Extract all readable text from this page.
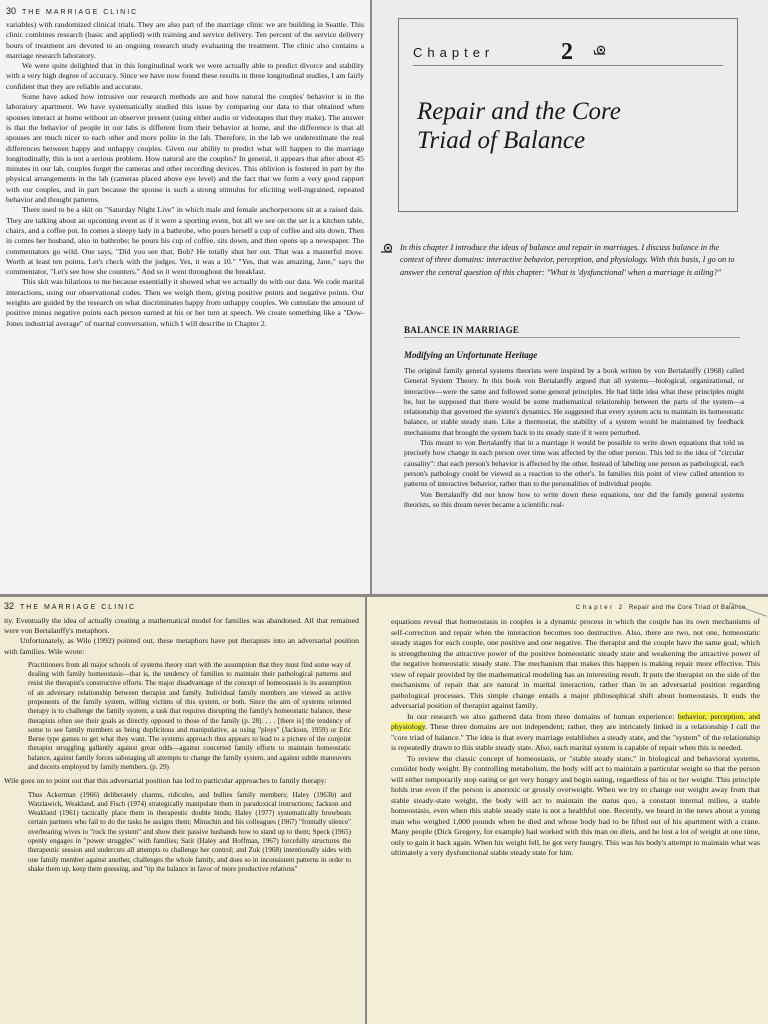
30 THE MARRIAGE CLINIC

variables) with randomized clinical trials. They are also part of the marriage clinic we are building in Seattle. This clinic combines research (basic and applied) with training and service delivery. Ten percent of the service delivery hours of treatment are devoted to an ongoing research study evaluating the treatment. The clinic also contains a marriage research laboratory.

We were quite delighted that in this longitudinal work we were actually able to predict divorce and stability with a very high degree of accuracy. Since we have now found these results in three longitudinal studies, I am fairly confident that they are reliable and accurate.

Some have asked how intrusive our research methods are and how natural the couples' behavior is in the laboratory apartment. We have systematically studied this issue by comparing our data to that obtained when spouses interact at home without an observer present (using either audio or videotapes that they make). The answer is that the behavior of people in our labs is different from their behavior at home, and the difference is that all spouses are much nicer to each other and more polite in the lab. Therefore, in the lab we underestimate the real differences between happy and unhappy couples. Given our ability to predict what will happen to the marriage longitudinally, this is not a serious problem. How natural are the couples? In general, it appears that after about 45 minutes in our lab, couples forget the cameras and other recording devices. This oblivion is fostered in part by the physical arrangements in the lab (cameras placed above eye level) and the fact that we form a very good rapport with our couples, and in part because the spouse is such a strong stimulus for eliciting well-ingrained, repeated behavior and thought patterns.

There used to be a skit on "Saturday Night Live" in which male and female anchorpersons sit at a raised dais. They are talking about an upcoming event as if it were a sporting event, but all we see on the set is a kitchen table, chairs, and a coffee pot. In comes a sleepy lady in a bathrobe, who pours herself a cup of coffee and sits down. Then in comes her husband, also in bathrobe; he pours his cup of coffee, sits down, and then opens up a newspaper. The commentators go wild. One says, "Did you see that, Bob? He totally shut her out. That was a masterful move. Worth at least ten points. Let's check with the judges. Yes, it was a 10." "Yes, that was amazing, Jane," says the commentator, "Let's see how she counters." And so it went throughout the breakfast.

This skit was hilarious to me because essentially it showed what we actually do with our data. We code marital interactions, using our observational codes. Then we weigh them, giving positive points and negative points. Our weights are guided by the research on what discriminates happy from unhappy couples. We cumulate the amount of positive minus negative points each person earned at his or her turn at speech. We create something like a "Dow-Jones industrial average" of marital conversation, which I will describe in Chapter 2.

Chapter	2
Repair and the Core
Triad of Balance
In this chapter I introduce the ideas of balance and repair in marriages. I discuss balance in the context of three domains: interactive behavior, perception, and physiology. With this basis, I go on to answer the central question of this chapter: "What is 'dysfunctional' when a marriage is ailing?"
BALANCE IN MARRIAGE
Modifying an Unfortunate Heritage

The original family general systems theorists were inspired by a book written by von Bertalanffy (1968) called General System Theory. In this book von Bertalanffy argued that all systems—biological, organizational, or interactive—were the same and followed some general principles. He had little idea what these principles might be, but he supposed that there would be some mathematical relationship between the parts of the system—a relationship that governed the system's dynamics. He suggested that every system acts to maintain its homeostatic balance, or stable steady state. Like a thermostat, the stability of a system would be maintained by feedback mechanisms that brought the system back to its steady state if it were perturbed.

This meant to von Bertalanffy that in a marriage it would be possible to write down equations that told us precisely how change in each person over time was affected by the other person. This led to the idea of "circular causality": that each person's behavior is affected by the other. Instead of labeling one person as pathological, each person's pathology could be viewed as a reaction to the other's. In families this point of view called attention to patterns of interactive behavior, rather than to the personalities of individual people.

Von Bertalanffy did not know how to write down these equations, nor did the family general systems theorists, so this dream never became a scientific real-

32 THE MARRIAGE CLINIC

ity. Eventually the idea of actually creating a mathematical model for families was abandoned. All that remained were von Bertalanffy's metaphors.

Unfortunately, as Wile (1992) pointed out, these metaphors have put therapists into an adversarial position with families. Wile wrote:

Practitioners from all major schools of systems theory start with the assumption that they must find some way of dealing with family homeostasis—that is, the tendency of families to maintain their pathological patterns and resist the therapist's constructive efforts. The major disadvantage of the concept of homeostasis is its assumption of an adversary relationship between therapist and family. Individual family members are viewed as active proponents of the family system, willing victims of this system, or both. Since the aim of systems oriented therapy is to challenge the family system, a task that requires disrupting the family's homeostatic balance, these therapists often see their goals as directly opposed to those of the family (p. 28). . . . [there is] the tendency of some to see family members as being duplicitous and manipulative, as using "ploys" (Jackson, 1959) or Eric Berne type games to get what they want. The systems approach thus appears to lead to a picture of the conjoint therapist struggling gallantly against great odds—against concerted family efforts to maintain homeostatic balance, against family forces sabotaging all attempts to change the family system, and against subtle maneuvers and deceits employed by family members. (p. 29)

Wile goes on to point out that this adversarial position has led to particular approaches to family therapy:

Thus Ackerman (1966) deliberately charms, ridicules, and bullies family members; Haley (1963b) and Watzlawick, Weakland, and Fisch (1974) strategically manipulate them in paradoxical instructions; Jackson and Weakland (1961) tactically place them in therapeutic double binds; Haley (1977) systematically browbeats certain partners who fail to do the tasks he assigns them; Minuchin and his colleagues (1967) "frontally silence" overbearing wives to "rock the system" and show their passive husbands how to stand up to them; Speck (1965) openly engages in "power struggles" with families; Satir (Haley and Hoffman, 1967) forcefully structures the therapeutic session and undercuts all attempts to challenge her control; and Zuk (1968) intentionally sides with one family member against another, challenges the whole family, and does so in inconsistent patterns in order to shake them up, keep them guessing, and "tip the balance in favor of more productive relations"

Chapter 2 Repair and the Core Triad of Balance

equations reveal that homeostasis in couples is a dynamic process in which the couple has its own mechanisms of self-correction and repair when the interaction becomes too destructive. Also, there are two, not one, homeostatic steady stages for each couple, one positive and one negative. The therapist and the couple have the same goal, which is strengthening the attractive power of the positive homeostatic steady state and weakening the attractive power of the negative homeostatic steady state. The mechanism that makes this happen is making repair more effective. This view of repair provided by the mathematical modeling has an interesting result. It puts the therapist on the side of the mechanisms of repair that are natural in marital interaction, rather than in an adversarial position regarding pathological processes. This simple change entails a major philosophical shift about homeostasis. It ends the adversarial position of therapist against family.

In our research we also gathered data from three domains of human experience: behavior, perception, and physiology. These three domains are not independent; rather, they are intricately linked in a relationship I call the "core triad of balance." The idea is that every marriage establishes a steady state, and the "system" of the relationship is repeatedly drawn to this stable steady state. Also, each marital system is capable of repair when this is needed.

To review the classic concept of homeostasis, or "stable steady state," in biological and behavioral systems, consider body weight. By controlling metabolism, the body will act to maintain a particular weight so that the person will either temporarily stop eating or get very hungry and begin eating, regardless of his or her weight. This principle holds true even if the person is anorexic or grossly overweight. When we try to change our weight away from that stable steady-state weight, the body will act to maintain the status quo, a constant internal milieu, a stable homeostasis, even when this stable steady state is not a healthful one. Recently, we heard in the news about a young man who weighed 1,000 pounds when he died and whose body had to be lifted out of his apartment with a crane. Many people (Dick Gregory, for example) had worked with this man on diets, and he lost a lot of weight at one time, only to gain it back again. When his weight fell, he got very hungry. This was his body's attempt to maintain what was ultimately a very dysfunctional stable steady state for him.
